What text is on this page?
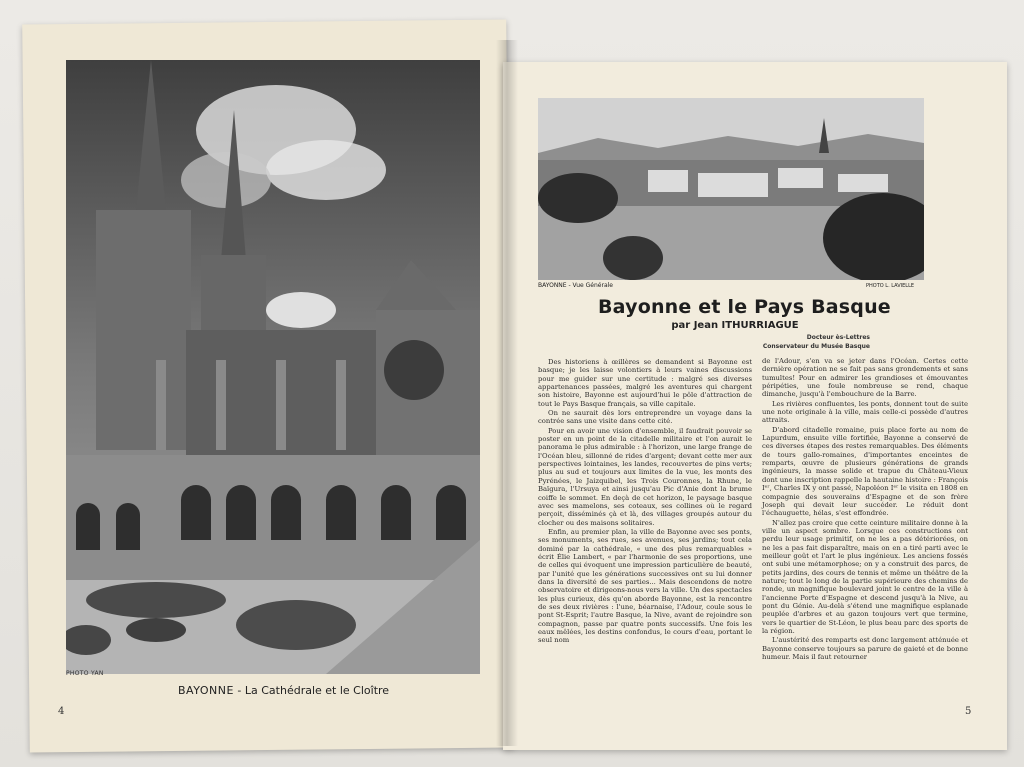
PHOTO YAN
BAYONNE - La Cathédrale et le Cloître
4
BAYONNE - Vue Générale	PHOTO L. LAVIELLE
Bayonne et le Pays Basque
par Jean ITHURRIAGUE
Docteur ès-Lettres
Conservateur du Musée Basque

Des historiens à œillères se demandent si Bayonne est basque; je les laisse volontiers à leurs vaines discussions pour me guider sur une certitude : malgré ses diverses appartenances passées, malgré les aventures qui chargent son histoire, Bayonne est aujourd'hui le pôle d'attraction de tout le Pays Basque français, sa ville capitale.

On ne saurait dès lors entreprendre un voyage dans la contrée sans une visite dans cette cité.

Pour en avoir une vision d'ensemble, il faudrait pouvoir se poster en un point de la citadelle militaire et l'on aurait le panorama le plus admirable : à l'horizon, une large frange de l'Océan bleu, sillonné de rides d'argent; devant cette mer aux perspectives lointaines, les landes, recouvertes de pins verts; plus au sud et toujours aux limites de la vue, les monts des Pyrénées, le Jaizquibel, les Trois Couronnes, la Rhune, le Baïgura, l'Ursuya et ainsi jusqu'au Pic d'Anie dont la brume coiffe le sommet. En deçà de cet horizon, le paysage basque avec ses mamelons, ses coteaux, ses collines où le regard perçoit, disséminés çà et là, des villages groupés autour du clocher ou des maisons solitaires.

Enfin, au premier plan, la ville de Bayonne avec ses ponts, ses monuments, ses rues, ses avenues, ses jardins; tout cela dominé par la cathédrale, « une des plus remarquables » écrit Élie Lambert, « par l'harmonie de ses proportions, une de celles qui évoquent une impression particulière de beauté, par l'unité que les générations successives ont su lui donner dans la diversité de ses parties... Mais descendons de notre observatoire et dirigeons-nous vers la ville. Un des spectacles les plus curieux, dès qu'on aborde Bayonne, est la rencontre de ses deux rivières : l'une, béarnaise, l'Adour, coule sous le pont St-Esprit; l'autre Basque, la Nive, avant de rejoindre son compagnon, passe par quatre ponts successifs. Une fois les eaux mêlées, les destins confondus, le cours d'eau, portant le seul nom

de l'Adour, s'en va se jeter dans l'Océan. Certes cette dernière opération ne se fait pas sans grondements et sans tumultes! Pour en admirer les grandioses et émouvantes péripéties, une foule nombreuse se rend, chaque dimanche, jusqu'à l'embouchure de la Barre.

Les rivières confluentes, les ponts, donnent tout de suite une note originale à la ville, mais celle-ci possède d'autres attraits.

D'abord citadelle romaine, puis place forte au nom de Lapurdum, ensuite ville fortifiée, Bayonne a conservé de ces diverses étapes des restes remarquables. Des éléments de tours gallo-romaines, d'importantes enceintes de remparts, œuvre de plusieurs générations de grands ingénieurs, la masse solide et trapue du Château-Vieux dont une inscription rappelle la hautaine histoire : François Iᵉʳ, Charles IX y ont passé, Napoléon Iᵉʳ le visita en 1808 en compagnie des souverains d'Espagne et de son frère Joseph qui devait leur succéder. Le réduit dont l'échauguette, hélas, s'est effondrée.

N'allez pas croire que cette ceinture militaire donne à la ville un aspect sombre. Lorsque ces constructions ont perdu leur usage primitif, on ne les a pas détériorées, on ne les a pas fait disparaître, mais on en a tiré parti avec le meilleur goût et l'art le plus ingénieux. Les anciens fossés ont subi une métamorphose; on y a construit des parcs, de petits jardins, des cours de tennis et même un théâtre de la nature; tout le long de la partie supérieure des chemins de ronde, un magnifique boulevard joint le centre de la ville à l'ancienne Porte d'Espagne et descend jusqu'à la Nive, au pont du Génie. Au-delà s'étend une magnifique esplanade peuplée d'arbres et au gazon toujours vert que termine, vers le quartier de St-Léon, le plus beau parc des sports de la région.

L'austérité des remparts est donc largement atténuée et Bayonne conserve toujours sa parure de gaieté et de bonne humeur. Mais il faut retourner

5
